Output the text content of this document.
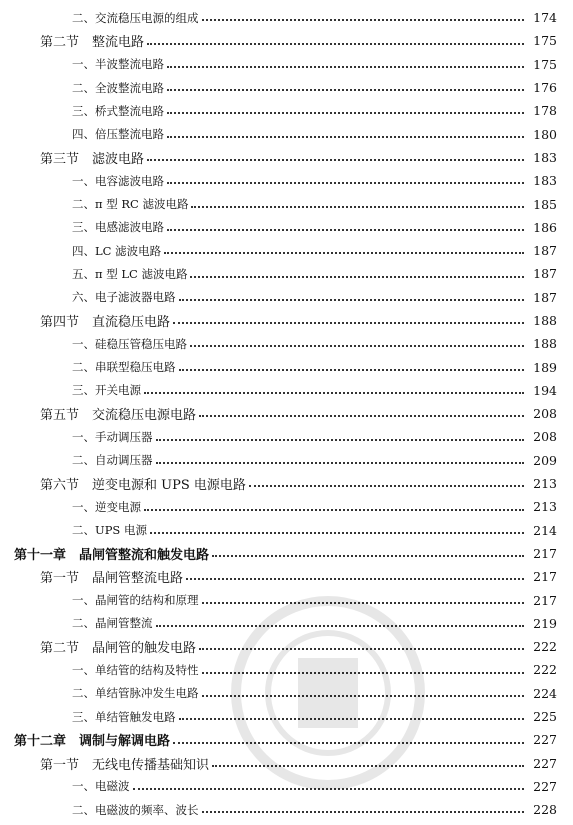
二、交流稳压电源的组成	174
第二节　整流电路	175
一、半波整流电路	175
二、全波整流电路	176
三、桥式整流电路	178
四、倍压整流电路	180
第三节　滤波电路	183
一、电容滤波电路	183
二、π 型 RC 滤波电路	185
三、电感滤波电路	186
四、LC 滤波电路	187
五、π 型 LC 滤波电路	187
六、电子滤波器电路	187
第四节　直流稳压电路	188
一、硅稳压管稳压电路	188
二、串联型稳压电路	189
三、开关电源	194
第五节　交流稳压电源电路	208
一、手动调压器	208
二、自动调压器	209
第六节　逆变电源和 UPS 电源电路	213
一、逆变电源	213
二、UPS 电源	214
第十一章　晶闸管整流和触发电路	217
第一节　晶闸管整流电路	217
一、晶闸管的结构和原理	217
二、晶闸管整流	219
第二节　晶闸管的触发电路	222
一、单结管的结构及特性	222
二、单结管脉冲发生电路	224
三、单结管触发电路	225
第十二章　调制与解调电路	227
第一节　无线电传播基础知识	227
一、电磁波	227
二、电磁波的频率、波长	228
